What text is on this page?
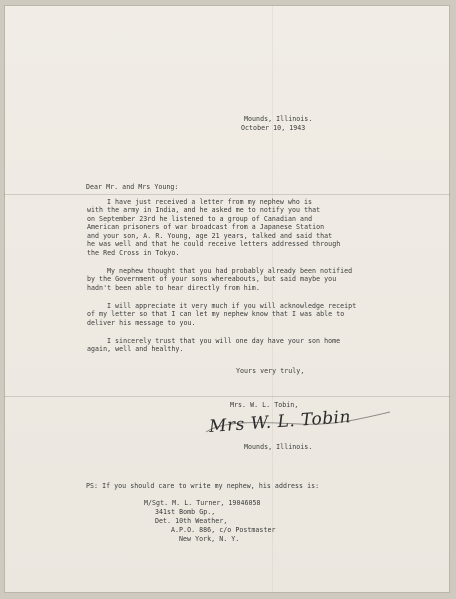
Mounds, Illinois.
October 10, 1943
Dear Mr. and Mrs Young:
I have just received a letter from my nephew who is
with the army in India, and he asked me to notify you that
on September 23rd he listened to a group of Canadian and
American prisoners of war broadcast from a Japanese Station
and your son, A. R. Young, age 21 years, talked and said that
he was well and that he could receive letters addressed through
the Red Cross in Tokyo.
My nephew thought that you had probably already been notified
by the Government of your sons whereabouts, but said maybe you
hadn't been able to hear directly from him.
I will appreciate it very much if you will acknowledge receipt
of my letter so that I can let my nephew know that I was able to
deliver his message to you.
I sincerely trust that you will one day have your son home
again, well and healthy.
Yours very truly,
Mrs. W. L. Tobin,
Mrs W. L. Tobin
Mounds, Illinois.
PS: If you should care to write my nephew, his address is:
M/Sgt. M. L. Turner, 19046058
341st Bomb Gp.,
Det. 10th Weather,
A.P.O. 886, c/o Postmaster
New York, N. Y.
